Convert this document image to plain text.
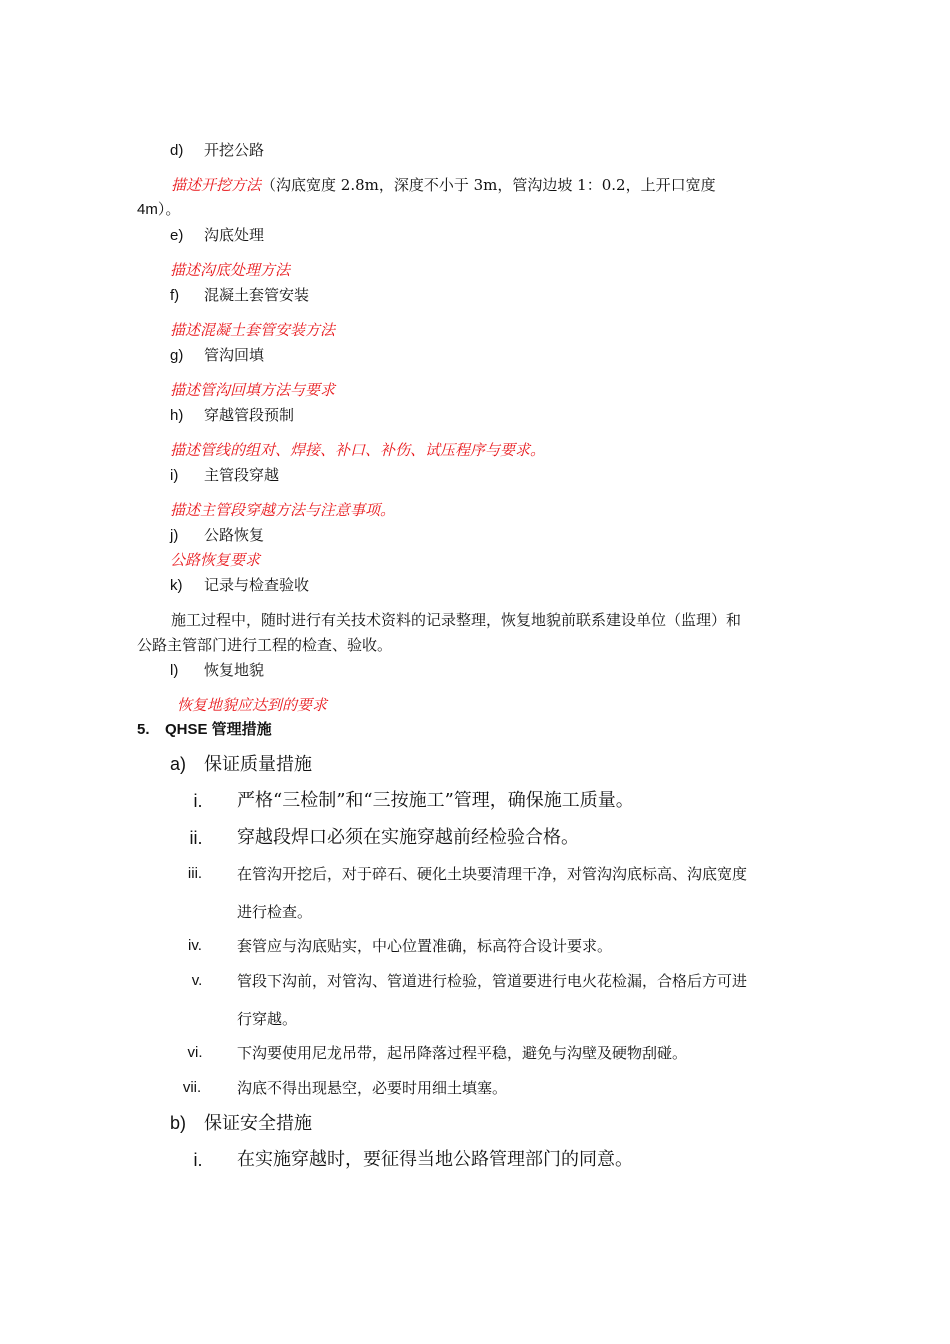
d) 开挖公路
描述开挖方法（沟底宽度 2.8m，深度不小于 3m，管沟边坡 1：0.2，上开口宽度
4m）。
e) 沟底处理
描述沟底处理方法
f) 混凝土套管安装
描述混凝土套管安装方法
g) 管沟回填
描述管沟回填方法与要求
h) 穿越管段预制
描述管线的组对、焊接、补口、补伤、试压程序与要求。
i) 主管段穿越
描述主管段穿越方法与注意事项。
j) 公路恢复
公路恢复要求
k) 记录与检查验收
施工过程中，随时进行有关技术资料的记录整理，恢复地貌前联系建设单位（监理）和
公路主管部门进行工程的检查、验收。
l) 恢复地貌
恢复地貌应达到的要求
5. QHSE 管理措施
a) 保证质量措施
i.	严格“三检制”和“三按施工”管理，确保施工质量。
ii.	穿越段焊口必须在实施穿越前经检验合格。
iii.	在管沟开挖后，对于碎石、硬化土块要清理干净，对管沟沟底标高、沟底宽度
进行检查。
iv.	套管应与沟底贴实，中心位置准确，标高符合设计要求。
v.	管段下沟前，对管沟、管道进行检验，管道要进行电火花检漏，合格后方可进
行穿越。
vi.	下沟要使用尼龙吊带，起吊降落过程平稳，避免与沟壁及硬物刮碰。
vii.	沟底不得出现悬空，必要时用细土填塞。
b) 保证安全措施
i.	在实施穿越时，要征得当地公路管理部门的同意。
